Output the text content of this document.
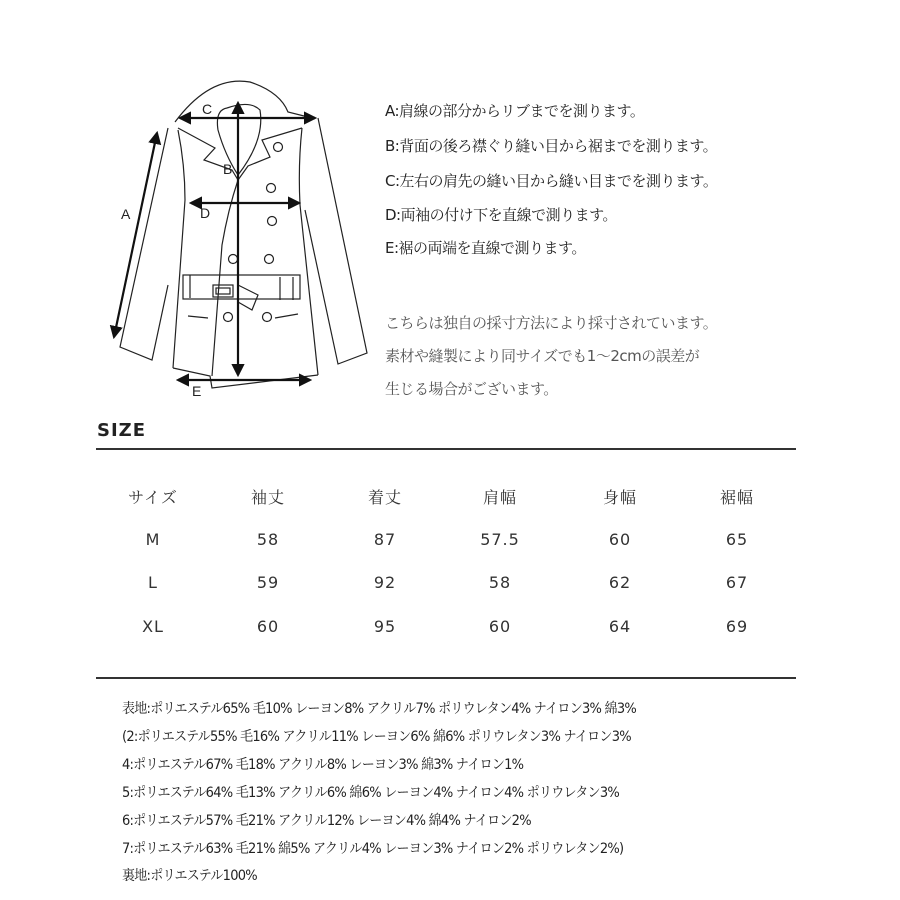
C
B
D
E
A
A:肩線の部分からリブまでを測ります。
B:背面の後ろ襟ぐり縫い目から裾までを測ります。
C:左右の肩先の縫い目から縫い目までを測ります。
D:両袖の付け下を直線で測ります。
E:裾の両端を直線で測ります。
こちらは独自の採寸方法により採寸されています。
素材や縫製により同サイズでも1～2cmの誤差が
生じる場合がございます。
SIZE
サイズ	袖丈	着丈	肩幅	身幅	裾幅
M	58	87	57.5	60	65
L	59	92	58	62	67
XL	60	95	60	64	69
表地:ポリエステル65% 毛10% レーヨン8% アクリル7% ポリウレタン4% ナイロン3% 綿3%
(2:ポリエステル55% 毛16% アクリル11% レーヨン6% 綿6% ポリウレタン3% ナイロン3%
4:ポリエステル67% 毛18% アクリル8% レーヨン3% 綿3% ナイロン1%
5:ポリエステル64% 毛13% アクリル6% 綿6% レーヨン4% ナイロン4% ポリウレタン3%
6:ポリエステル57% 毛21% アクリル12% レーヨン4% 綿4% ナイロン2%
7:ポリエステル63% 毛21% 綿5% アクリル4% レーヨン3% ナイロン2% ポリウレタン2%)
裏地:ポリエステル100%
